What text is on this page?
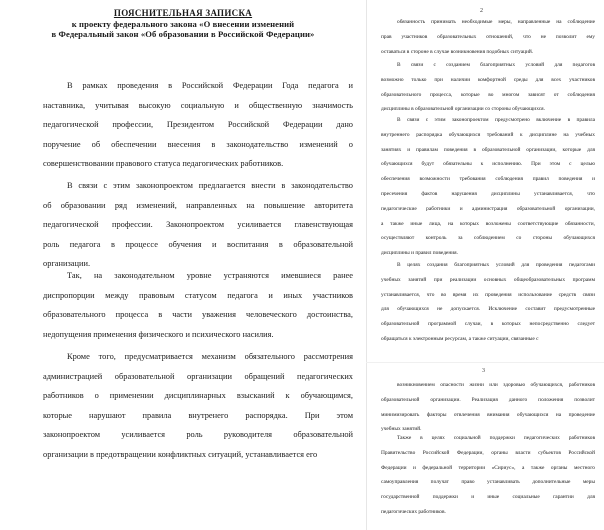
ПОЯСНИТЕЛЬНАЯ ЗАПИСКА
к проекту федерального закона «О внесении изменений
в Федеральный закон «Об образовании в Российской Федерации»
В рамках проведения в Российской Федерации Года педагога и
наставника, учитывая высокую социальную и общественную значимость
педагогической профессии, Президентом Российской Федерации дано
поручение об обеспечении внесения в законодательство изменений о
совершенствовании правового статуса педагогических работников.
В связи с этим законопроектом предлагается внести в законодательство
об образовании ряд изменений, направленных на повышение авторитета
педагогической профессии. Законопроектом усиливается главенствующая
роль педагога в процессе обучения и воспитания в образовательной
организации.
Так, на законодательном уровне устраняются имевшиеся ранее
диспропорции между правовым статусом педагога и иных участников
образовательного процесса в части уважения человеческого достоинства,
недопущения применения физического и психического насилия.
Кроме того, предусматривается механизм обязательного рассмотрения
администрацией образовательной организации обращений педагогических
работников о применении дисциплинарных взысканий к обучающимся,
которые нарушают правила внутренего распорядка. При этом
законопроектом усиливается роль руководителя образовательной
организации в предотвращении конфликтных ситуаций, устанавливается его
2
обязанность принимать необходимые меры, направленные на соблюдение
прав участников образовательных отношений, что не позволит ему
оставаться в стороне в случае возникновения подобных ситуаций.
В связи с созданием благоприятных условий для педагогов
возможно только при наличии комфортной среды для всех участников
образовательного процесса, которые во многом зависят от соблюдения
дисциплины в образовательной организации со стороны обучающихся.
В связи с этим законопроектом предусмотрено включение в правила
внутреннего распорядка обучающихся требований к дисциплине на учебных
занятиях и правилам поведения в образовательной организации, которые для
обучающихся будут обязательны к исполнению. При этом с целью
обеспечения возможности требования соблюдения правил поведения и
пресечения фактов нарушения дисциплины устанавливается, что
педагогические работники и администрация образовательной организации,
а также иные лица, на которых возложены соответствующие обязанности,
осуществляют контроль за соблюдением со стороны обучающихся
дисциплины и правил поведения.
В целях создания благоприятных условий для проведения педагогами
учебных занятий при реализации основных общеобразовательных программ
устанавливается, что во время их проведения использование средств связи
для обучающихся не допускается. Исключение составит предусмотренные
образовательной программой случаи, в которых непосредственно следует
обращаться к электронным ресурсам, а также ситуации, связанные с
3
возникновением опасности жизни или здоровью обучающихся, работников
образовательной организации. Реализация данного положения позволит
минимизировать факторы отвлечения внимания обучающихся на проведение
учебных занятий.
Также в целях социальной поддержки педагогических работников
Правительство Российской Федерации, органы власти субъектов Российской
Федерации и федеральной территории «Сириус», а также органы местного
самоуправления получат право устанавливать дополнительные меры
государственной поддержки и иные социальные гарантии для
педагогических работников.
